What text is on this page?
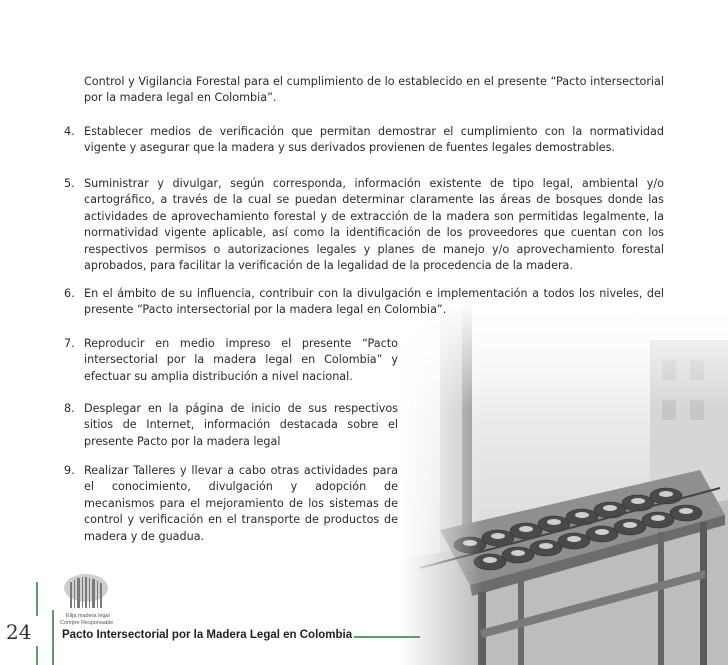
Control y Vigilancia Forestal para el cumplimiento de lo establecido en el presente “Pacto intersectorial por la madera legal en Colombia”.

4. Establecer medios de verificación que permitan demostrar el cumplimiento con la normatividad vigente y asegurar que la madera y sus derivados provienen de fuentes legales demostrables.

5. Suministrar y divulgar, según corresponda, información existente de tipo legal, ambiental y/o cartográfico, a través de la cual se puedan determinar claramente las áreas de bosques donde las actividades de aprovechamiento forestal y de extracción de la madera son permitidas legalmente, la normatividad vigente aplicable, así como la identificación de los proveedores que cuentan con los respectivos permisos o autorizaciones legales y planes de manejo y/o aprovechamiento forestal aprobados, para facilitar la verificación de la legalidad de la procedencia de la madera.

6. En el ámbito de su influencia, contribuir con la divulgación e implementación a todos los niveles, del presente “Pacto intersectorial por la madera legal en Colombia”.

7. Reproducir en medio impreso el presente “Pacto intersectorial por la madera legal en Colombia” y efectuar su amplia distribución a nivel nacional.

8. Desplegar en la página de inicio de sus respectivos sitios de Internet, información destacada sobre el presente Pacto por la madera legal

9. Realizar Talleres y llevar a cabo otras actividades para el conocimiento, divulgación y adopción de mecanismos para el mejoramiento de los sistemas de control y verificación en el transporte de productos de madera y de guadua.

24
Elija madera legal
Compre Responsable
Pacto Intersectorial por la Madera Legal en Colombia
